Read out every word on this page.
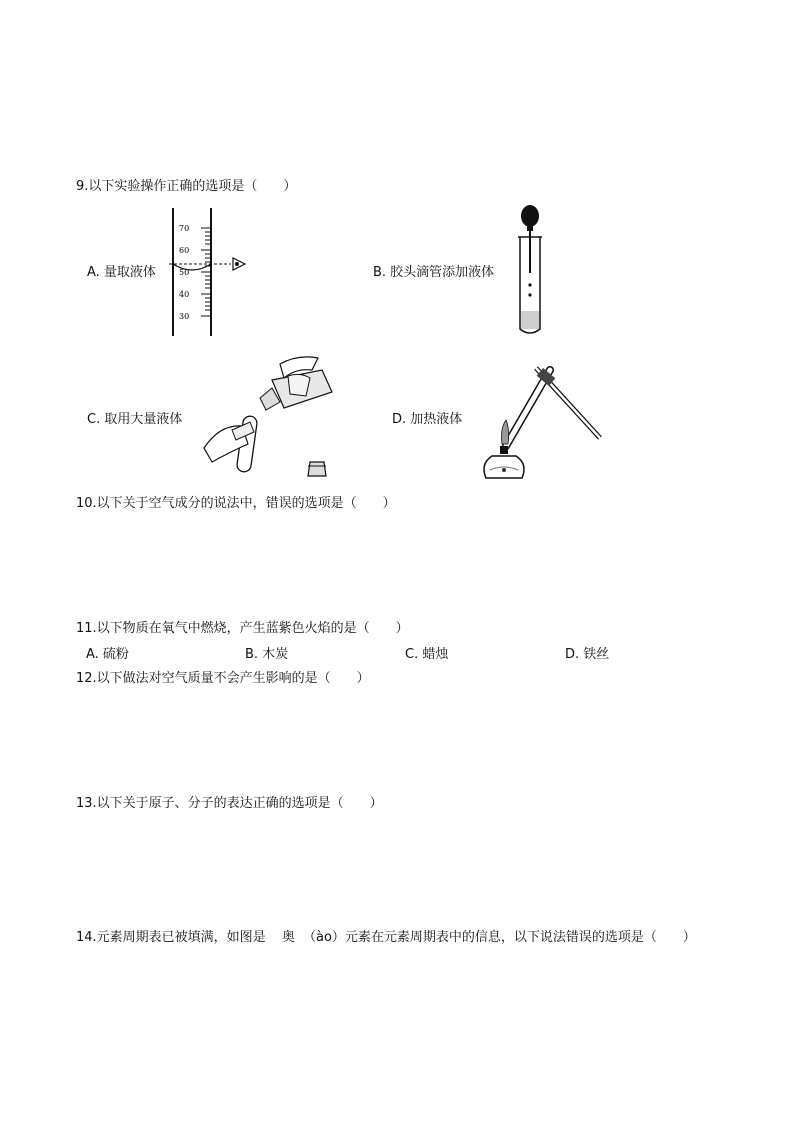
9.以下实验操作正确的选项是（　　）
A. 量取液体
70
60
50
40
30
B. 胶头滴管添加液体
C. 取用大量液体	D. 加热液体
10.以下关于空气成分的说法中，错误的选项是（　　）
11.以下物质在氧气中燃烧，产生蓝紫色火焰的是（　　）
A. 硫粉	B. 木炭	C. 蜡烛	D. 铁丝
12.以下做法对空气质量不会产生影响的是（　　）
13.以下关于原子、分子的表达正确的选项是（　　）
14.元素周期表已被填满，如图是 奥 （ào）元素在元素周期表中的信息，以下说法错误的选项是（　　）
